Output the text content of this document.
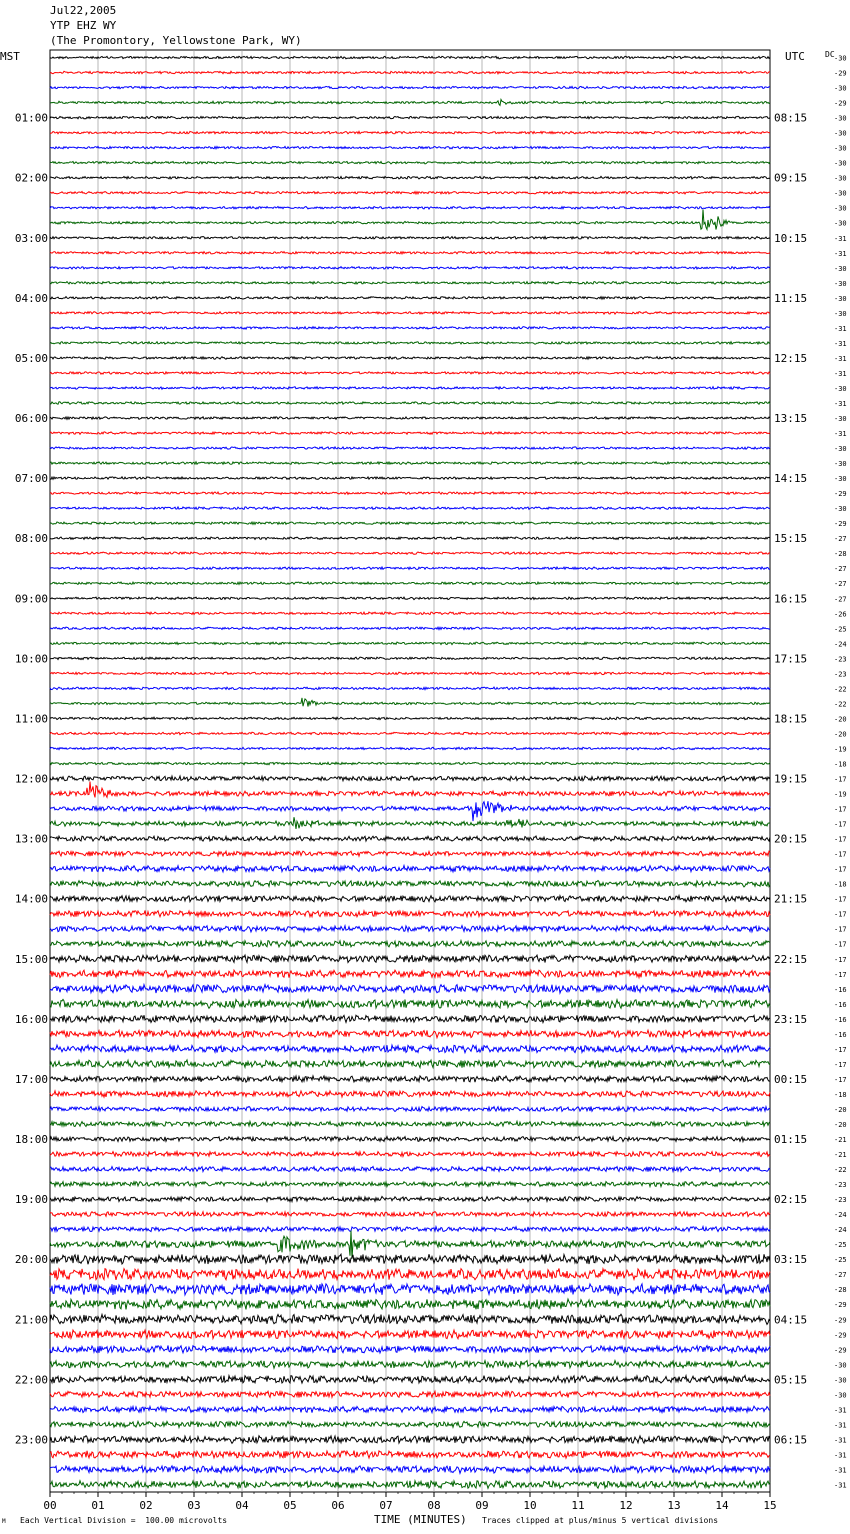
Jul22,2005
YTP EHZ WY
(The Promontory, Yellowstone Park, WY)
MST	UTC	DC
00	01	02	03	04	05	06	07	08	09	10	11	12	13	14	15
-30
-29
-30
-29
-30
-30
-30
-30
-30
-30
-30
-30
-31
-31
-30
-30
-30
-30
-31
-31
-31
-31
-30
-31
-30
-31
-30
-30
-30
-29
-30
-29
-27
-28
-27
-27
-27
-26
-25
-24
-23
-23
-22
-22
-20
-20
-19
-18
-17
-19
-17
-17
-17
-17
-17
-18
-17
-17
-17
-17
-17
-17
-16
-16
-16
-16
-17
-17
-17
-18
-20
-20
-21
-21
-22
-23
-23
-24
-24
-25
-25
-27
-28
-29
-29
-29
-29
-30
-30
-30
-31
-31
-31
-31
-31
-31
01:00
02:00
03:00
04:00
05:00
06:00
07:00
08:00
09:00
10:00
11:00
12:00
13:00
14:00
15:00
16:00
17:00
18:00
19:00
20:00
21:00
22:00
23:00
08:15
09:15
10:15
11:15
12:15
13:15
14:15
15:15
16:15
17:15
18:15
19:15
20:15
21:15
22:15
23:15
00:15
01:15
02:15
03:15
04:15
05:15
06:15
TIME (MINUTES)
Each Vertical Division =  100.00 microvolts	Traces clipped at plus/minus 5 vertical divisions
M
